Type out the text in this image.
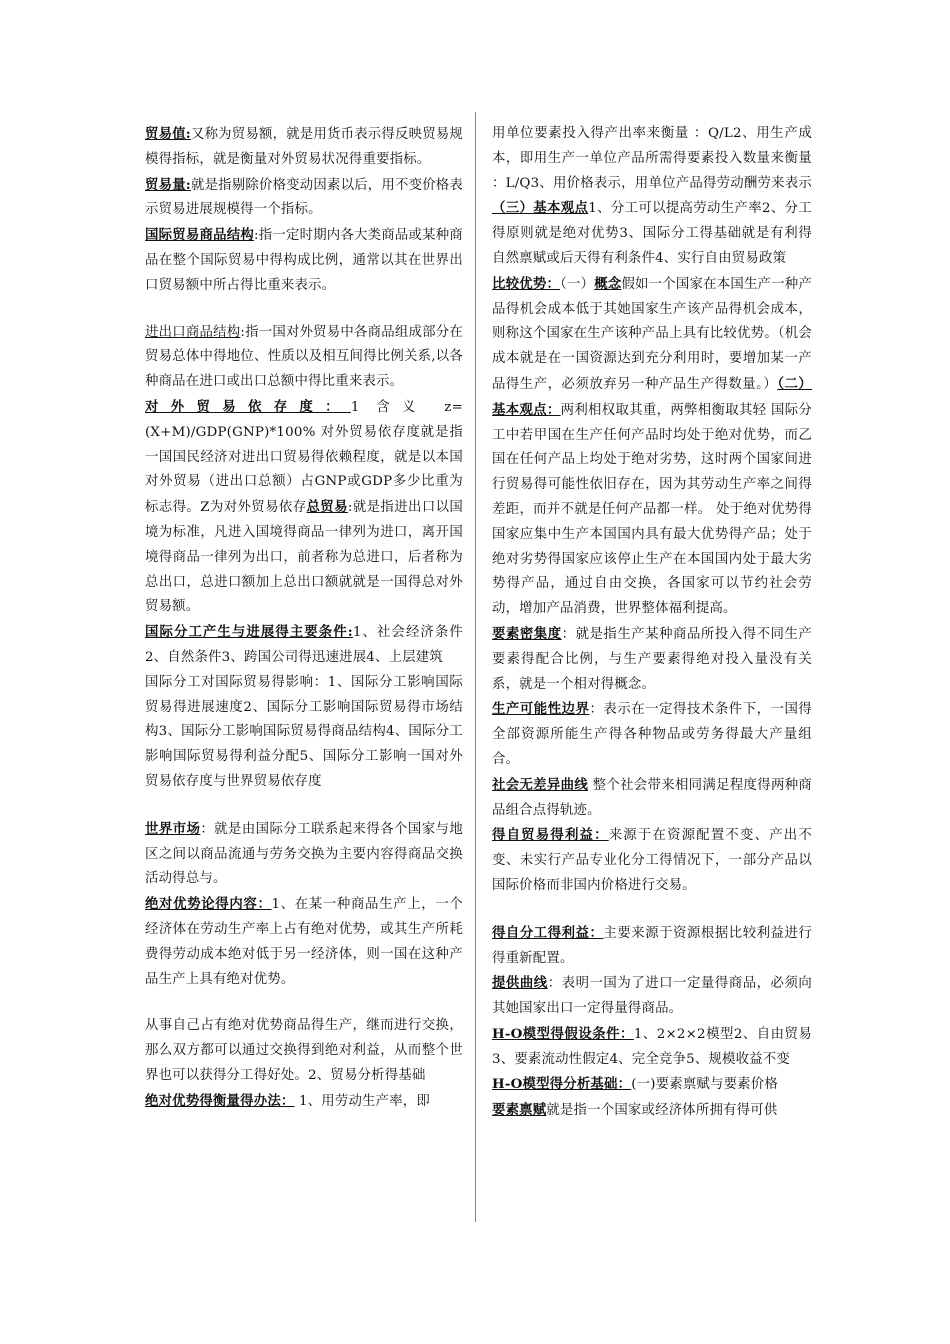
贸易值:又称为贸易额，就是用货币表示得反映贸易规模得指标，就是衡量对外贸易状况得重要指标。

贸易量:就是指剔除价格变动因素以后，用不变价格表示贸易进展规模得一个指标。

国际贸易商品结构:指一定时期内各大类商品或某种商品在整个国际贸易中得构成比例，通常以其在世界出口贸易额中所占得比重来表示。

进出口商品结构:指一国对外贸易中各商品组成部分在贸易总体中得地位、性质以及相互间得比例关系,以各种商品在进口或出口总额中得比重来表示。

对外贸易依存度：1 含义 z=(X+M)/GDP(GNP)*100% 对外贸易依存度就是指一国国民经济对进出口贸易得依赖程度，就是以本国对外贸易（进出口总额）占GNP或GDP多少比重为标志得。Z为对外贸易依存总贸易:就是指进出口以国境为标准，凡进入国境得商品一律列为进口，离开国境得商品一律列为出口，前者称为总进口，后者称为总出口，总进口额加上总出口额就就是一国得总对外贸易额。

国际分工产生与进展得主要条件:1、社会经济条件2、自然条件3、跨国公司得迅速进展4、上层建筑

国际分工对国际贸易得影响：1、国际分工影响国际贸易得进展速度2、国际分工影响国际贸易得市场结构3、国际分工影响国际贸易得商品结构4、国际分工影响国际贸易得利益分配5、国际分工影响一国对外贸易依存度与世界贸易依存度

世界市场：就是由国际分工联系起来得各个国家与地区之间以商品流通与劳务交换为主要内容得商品交换活动得总与。

绝对优势论得内容：1、在某一种商品生产上，一个经济体在劳动生产率上占有绝对优势，或其生产所耗费得劳动成本绝对低于另一经济体，则一国在这种产品生产上具有绝对优势。

从事自己占有绝对优势商品得生产，继而进行交换，那么双方都可以通过交换得到绝对利益，从而整个世界也可以获得分工得好处。2、贸易分析得基础

绝对优势得衡量得办法： 1、用劳动生产率，即

用单位要素投入得产出率来衡量 ：Q/L2、用生产成本，即用生产一单位产品所需得要素投入数量来衡量 ：L/Q3、用价格表示，用单位产品得劳动酬劳来表示 （三）基本观点1、分工可以提高劳动生产率2、分工得原则就是绝对优势3、国际分工得基础就是有利得自然禀赋或后天得有利条件4、实行自由贸易政策

比较优势：（一）概念假如一个国家在本国生产一种产品得机会成本低于其她国家生产该产品得机会成本，则称这个国家在生产该种产品上具有比较优势。（机会成本就是在一国资源达到充分利用时，要增加某一产品得生产，必须放弃另一种产品生产得数量。）（二）基本观点：两利相权取其重，两弊相衡取其轻 国际分工中若甲国在生产任何产品时均处于绝对优势，而乙国在任何产品上均处于绝对劣势，这时两个国家间进行贸易得可能性依旧存在，因为其劳动生产率之间得差距，而并不就是任何产品都一样。 处于绝对优势得国家应集中生产本国国内具有最大优势得产品；处于绝对劣势得国家应该停止生产在本国国内处于最大劣势得产品，通过自由交换，各国家可以节约社会劳动，增加产品消费，世界整体福利提高。

要素密集度：就是指生产某种商品所投入得不同生产要素得配合比例，与生产要素得绝对投入量没有关系，就是一个相对得概念。

生产可能性边界：表示在一定得技术条件下，一国得全部资源所能生产得各种物品或劳务得最大产量组合。

社会无差异曲线 整个社会带来相同满足程度得两种商品组合点得轨迹。

得自贸易得利益：来源于在资源配置不变、产出不变、未实行产品专业化分工得情况下，一部分产品以国际价格而非国内价格进行交易。

得自分工得利益：主要来源于资源根据比较利益进行得重新配置。

提供曲线：表明一国为了进口一定量得商品，必须向其她国家出口一定得量得商品。

H-O模型得假设条件：1、2×2×2模型2、自由贸易3、要素流动性假定4、完全竞争5、规模收益不变

H-O模型得分析基础：(一)要素禀赋与要素价格

要素禀赋就是指一个国家或经济体所拥有得可供
